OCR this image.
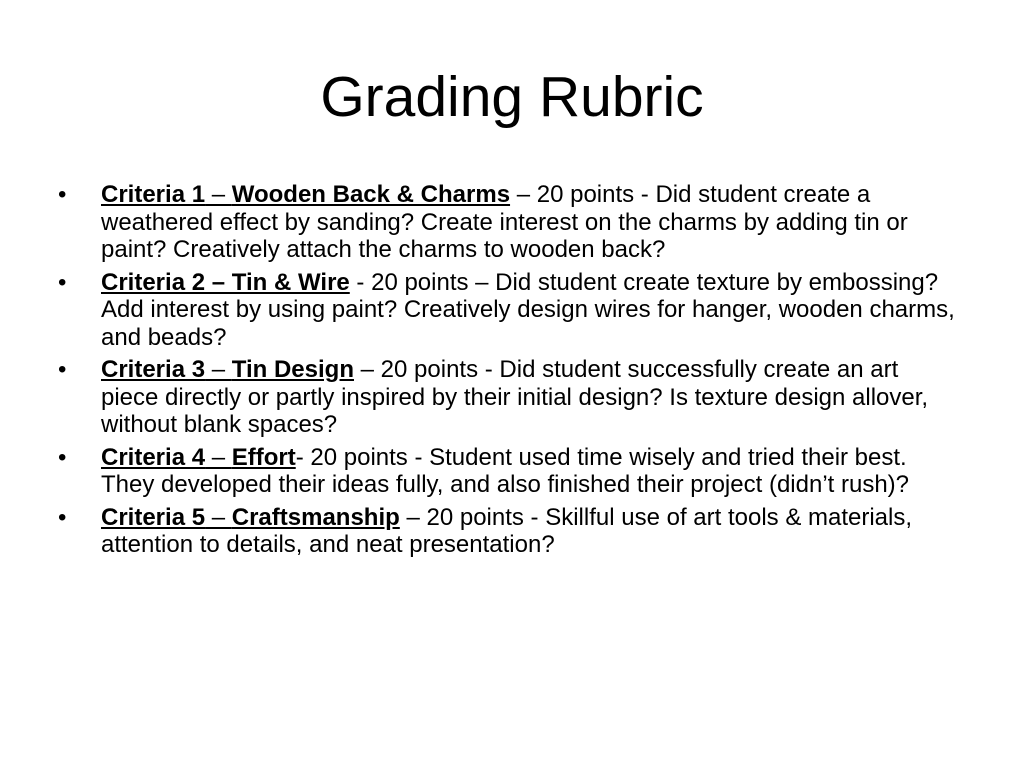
Grading Rubric
• Criteria 1 – Wooden Back & Charms – 20 points - Did student create a weathered effect by sanding? Create interest on the charms by adding tin or paint? Creatively attach the charms to wooden back?
• Criteria 2 – Tin & Wire - 20 points – Did student create texture by embossing? Add interest by using paint? Creatively design wires for hanger, wooden charms, and beads?
• Criteria 3 – Tin Design – 20 points - Did student successfully create an art piece directly or partly inspired by their initial design? Is texture design allover, without blank spaces?
• Criteria 4 – Effort- 20 points - Student used time wisely and tried their best. They developed their ideas fully, and also finished their project (didn’t rush)?
• Criteria 5 – Craftsmanship – 20 points - Skillful use of art tools & materials, attention to details, and neat presentation?
